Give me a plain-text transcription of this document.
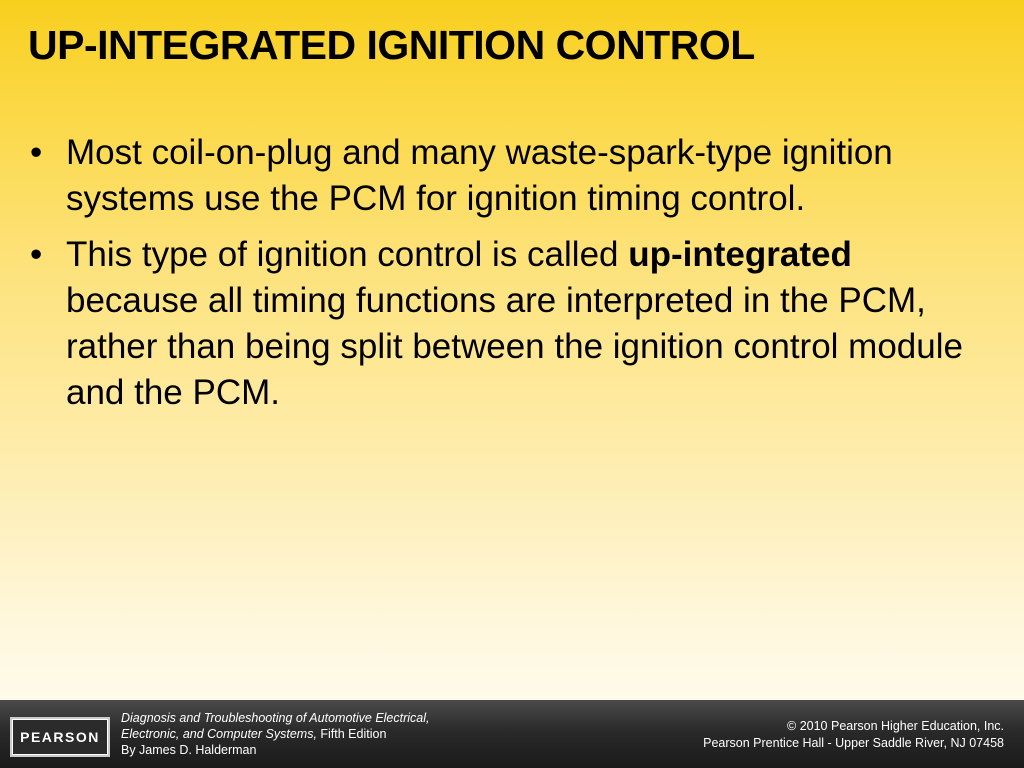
UP-INTEGRATED IGNITION CONTROL
• Most coil-on-plug and many waste-spark-type ignition systems use the PCM for ignition timing control.
• This type of ignition control is called up-integrated because all timing functions are interpreted in the PCM, rather than being split between the ignition control module and the PCM.
PEARSON
Diagnosis and Troubleshooting of Automotive Electrical,
Electronic, and Computer Systems, Fifth Edition
By James D. Halderman
© 2010 Pearson Higher Education, Inc.
Pearson Prentice Hall - Upper Saddle River, NJ 07458
